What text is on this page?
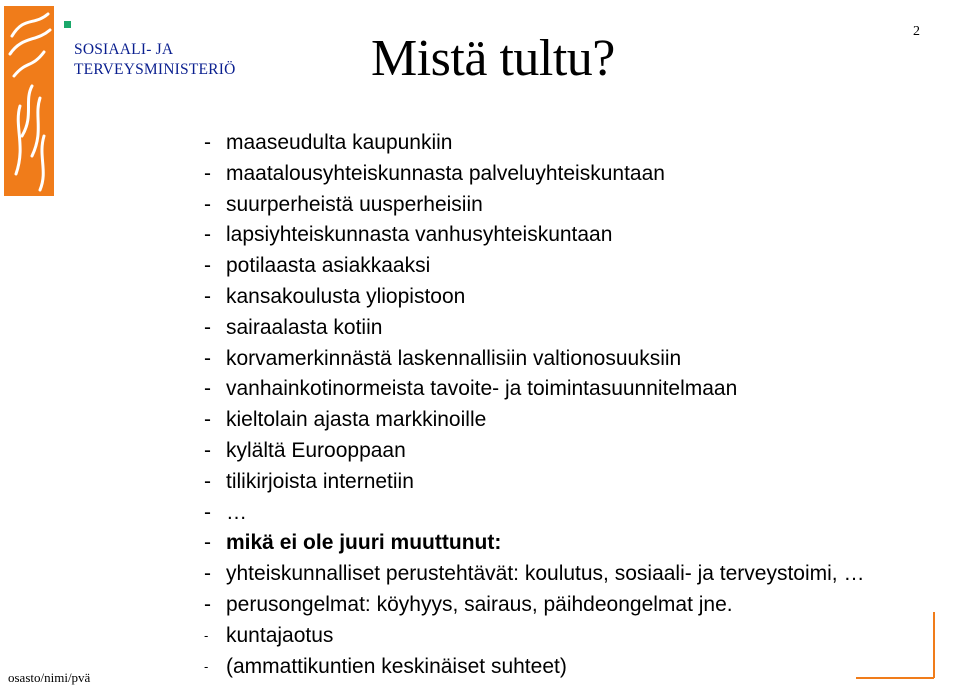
SOSIAALI- JA
TERVEYSMINISTERIÖ	Mistä tultu?	2
- maaseudulta kaupunkiin
- maatalousyhteiskunnasta palveluyhteiskuntaan
- suurperheistä uusperheisiin
- lapsiyhteiskunnasta vanhusyhteiskuntaan
- potilaasta asiakkaaksi
- kansakoulusta yliopistoon
- sairaalasta kotiin
- korvamerkinnästä laskennallisiin valtionosuuksiin
- vanhainkotinormeista tavoite- ja toimintasuunnitelmaan
- kieltolain ajasta markkinoille
- kylältä Eurooppaan
- tilikirjoista internetiin
- …
- mikä ei ole juuri muuttunut:
- yhteiskunnalliset perustehtävät: koulutus, sosiaali- ja terveystoimi, …
- perusongelmat: köyhyys, sairaus, päihdeongelmat jne.
- kuntajaotus
- (ammattikuntien keskinäiset suhteet)
osasto/nimi/pvä
